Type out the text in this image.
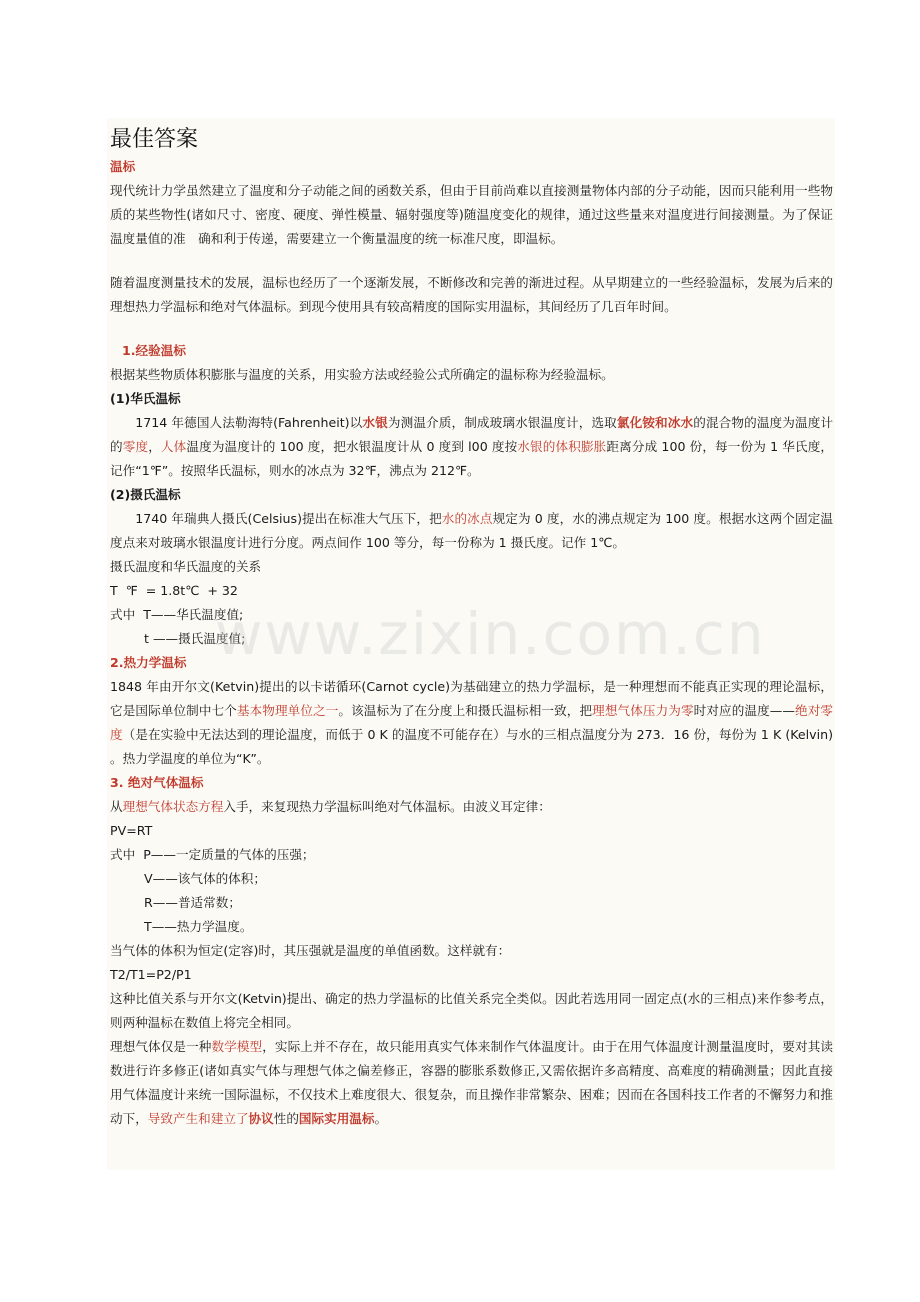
最佳答案

温标

现代统计力学虽然建立了温度和分子动能之间的函数关系，但由于目前尚难以直接测量物体内部的分子动能，因而只能利用一些物质的某些物性(诸如尺寸、密度、硬度、弹性模量、辐射强度等)随温度变化的规律，通过这些量来对温度进行间接测量。为了保证温度量值的准　确和利于传递，需要建立一个衡量温度的统一标准尺度，即温标。

随着温度测量技术的发展，温标也经历了一个逐渐发展，不断修改和完善的渐进过程。从早期建立的一些经验温标，发展为后来的理想热力学温标和绝对气体温标。到现今使用具有较高精度的国际实用温标，其间经历了几百年时间。

1.经验温标

根据某些物质体积膨胀与温度的关系，用实验方法或经验公式所确定的温标称为经验温标。

(1)华氏温标

1714 年德国人法勒海特(Fahrenheit)以水银为测温介质，制成玻璃水银温度计，选取氯化铵和冰水的混合物的温度为温度计的零度，人体温度为温度计的 100 度，把水银温度计从 0 度到 l00 度按水银的体积膨胀距离分成 100 份，每一份为 1 华氏度，记作“1℉”。按照华氏温标，则水的冰点为 32℉，沸点为 212℉。

(2)摄氏温标

1740 年瑞典人摄氏(Celsius)提出在标准大气压下，把水的冰点规定为 0 度，水的沸点规定为 100 度。根据水这两个固定温度点来对玻璃水银温度计进行分度。两点间作 100 等分，每一份称为 1 摄氏度。记作 1℃。

摄氏温度和华氏温度的关系

T  ℉  = 1.8t℃  + 32

式中  T——华氏温度值;

t ——摄氏温度值;

2.热力学温标

1848 年由开尔文(Ketvin)提出的以卡诺循环(Carnot cycle)为基础建立的热力学温标，是一种理想而不能真正实现的理论温标，它是国际单位制中七个基本物理单位之一。该温标为了在分度上和摄氏温标相一致，把理想气体压力为零时对应的温度——绝对零度（是在实验中无法达到的理论温度，而低于 0 K 的温度不可能存在）与水的三相点温度分为 273．16 份，每份为 1 K (Kelvin) 。热力学温度的单位为“K”。

3. 绝对气体温标

从理想气体状态方程入手，来复现热力学温标叫绝对气体温标。由波义耳定律：

PV=RT

式中  P——一定质量的气体的压强；

V——该气体的体积；

R——普适常数；

T——热力学温度。

当气体的体积为恒定(定容)时，其压强就是温度的单值函数。这样就有：

T2/T1=P2/P1

这种比值关系与开尔文(Ketvin)提出、确定的热力学温标的比值关系完全类似。因此若选用同一固定点(水的三相点)来作参考点，则两种温标在数值上将完全相同。

理想气体仅是一种数学模型，实际上并不存在，故只能用真实气体来制作气体温度计。由于在用气体温度计测量温度时，要对其读数进行许多修正(诸如真实气体与理想气体之偏差修正，容器的膨胀系数修正,又需依据许多高精度、高难度的精确测量；因此直接用气体温度计来统一国际温标，不仅技术上难度很大、很复杂，而且操作非常繁杂、困难；因而在各国科技工作者的不懈努力和推动下，导致产生和建立了协议性的国际实用温标。

www.zixin.com.cn
